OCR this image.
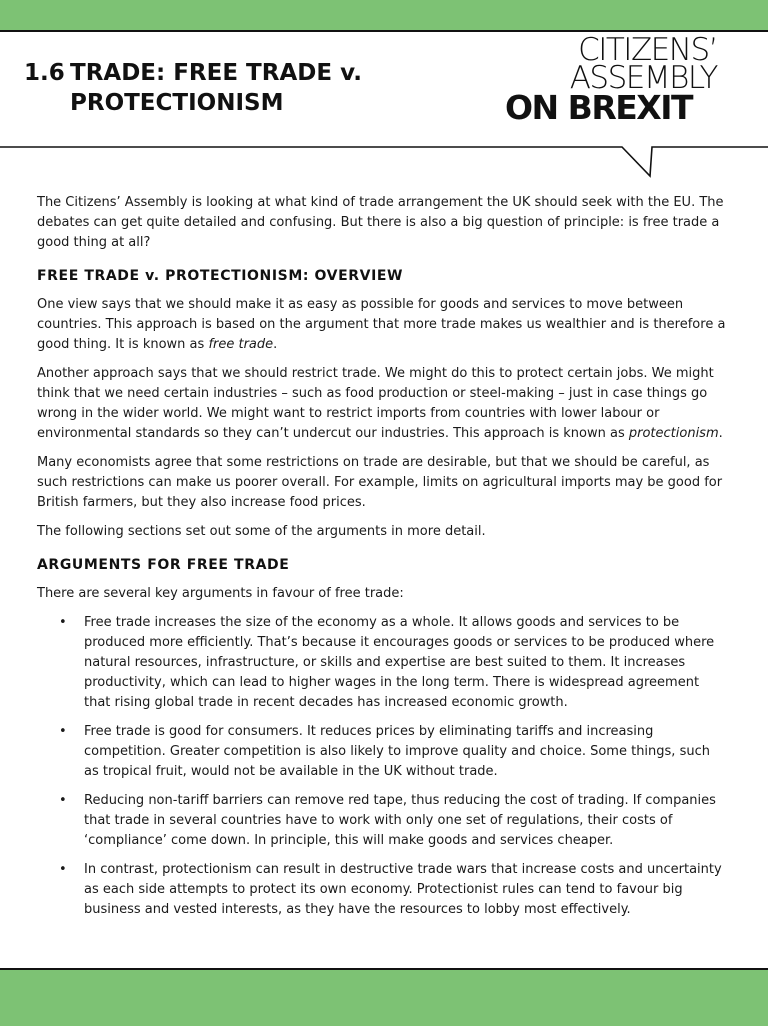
1.6 TRADE: FREE TRADE v.
PROTECTIONISM
CITIZENS’
ASSEMBLY
ON BREXIT

The Citizens’ Assembly is looking at what kind of trade arrangement the UK should seek with the EU. The debates can get quite detailed and confusing. But there is also a big question of principle: is free trade a good thing at all?

FREE TRADE v. PROTECTIONISM: OVERVIEW

One view says that we should make it as easy as possible for goods and services to move between countries. This approach is based on the argument that more trade makes us wealthier and is therefore a good thing. It is known as free trade.

Another approach says that we should restrict trade. We might do this to protect certain jobs. We might think that we need certain industries – such as food production or steel-making – just in case things go wrong in the wider world. We might want to restrict imports from countries with lower labour or environmental standards so they can’t undercut our industries. This approach is known as protectionism.

Many economists agree that some restrictions on trade are desirable, but that we should be careful, as such restrictions can make us poorer overall. For example, limits on agricultural imports may be good for British farmers, but they also increase food prices.

The following sections set out some of the arguments in more detail.

ARGUMENTS FOR FREE TRADE

There are several key arguments in favour of free trade:

• Free trade increases the size of the economy as a whole. It allows goods and services to be produced more efficiently. That’s because it encourages goods or services to be produced where natural resources, infrastructure, or skills and expertise are best suited to them. It increases productivity, which can lead to higher wages in the long term. There is widespread agreement that rising global trade in recent decades has increased economic growth.
• Free trade is good for consumers. It reduces prices by eliminating tariffs and increasing competition. Greater competition is also likely to improve quality and choice. Some things, such as tropical fruit, would not be available in the UK without trade.
• Reducing non-tariff barriers can remove red tape, thus reducing the cost of trading. If companies that trade in several countries have to work with only one set of regulations, their costs of ‘compliance’ come down. In principle, this will make goods and services cheaper.
• In contrast, protectionism can result in destructive trade wars that increase costs and uncertainty as each side attempts to protect its own economy. Protectionist rules can tend to favour big business and vested interests, as they have the resources to lobby most effectively.
